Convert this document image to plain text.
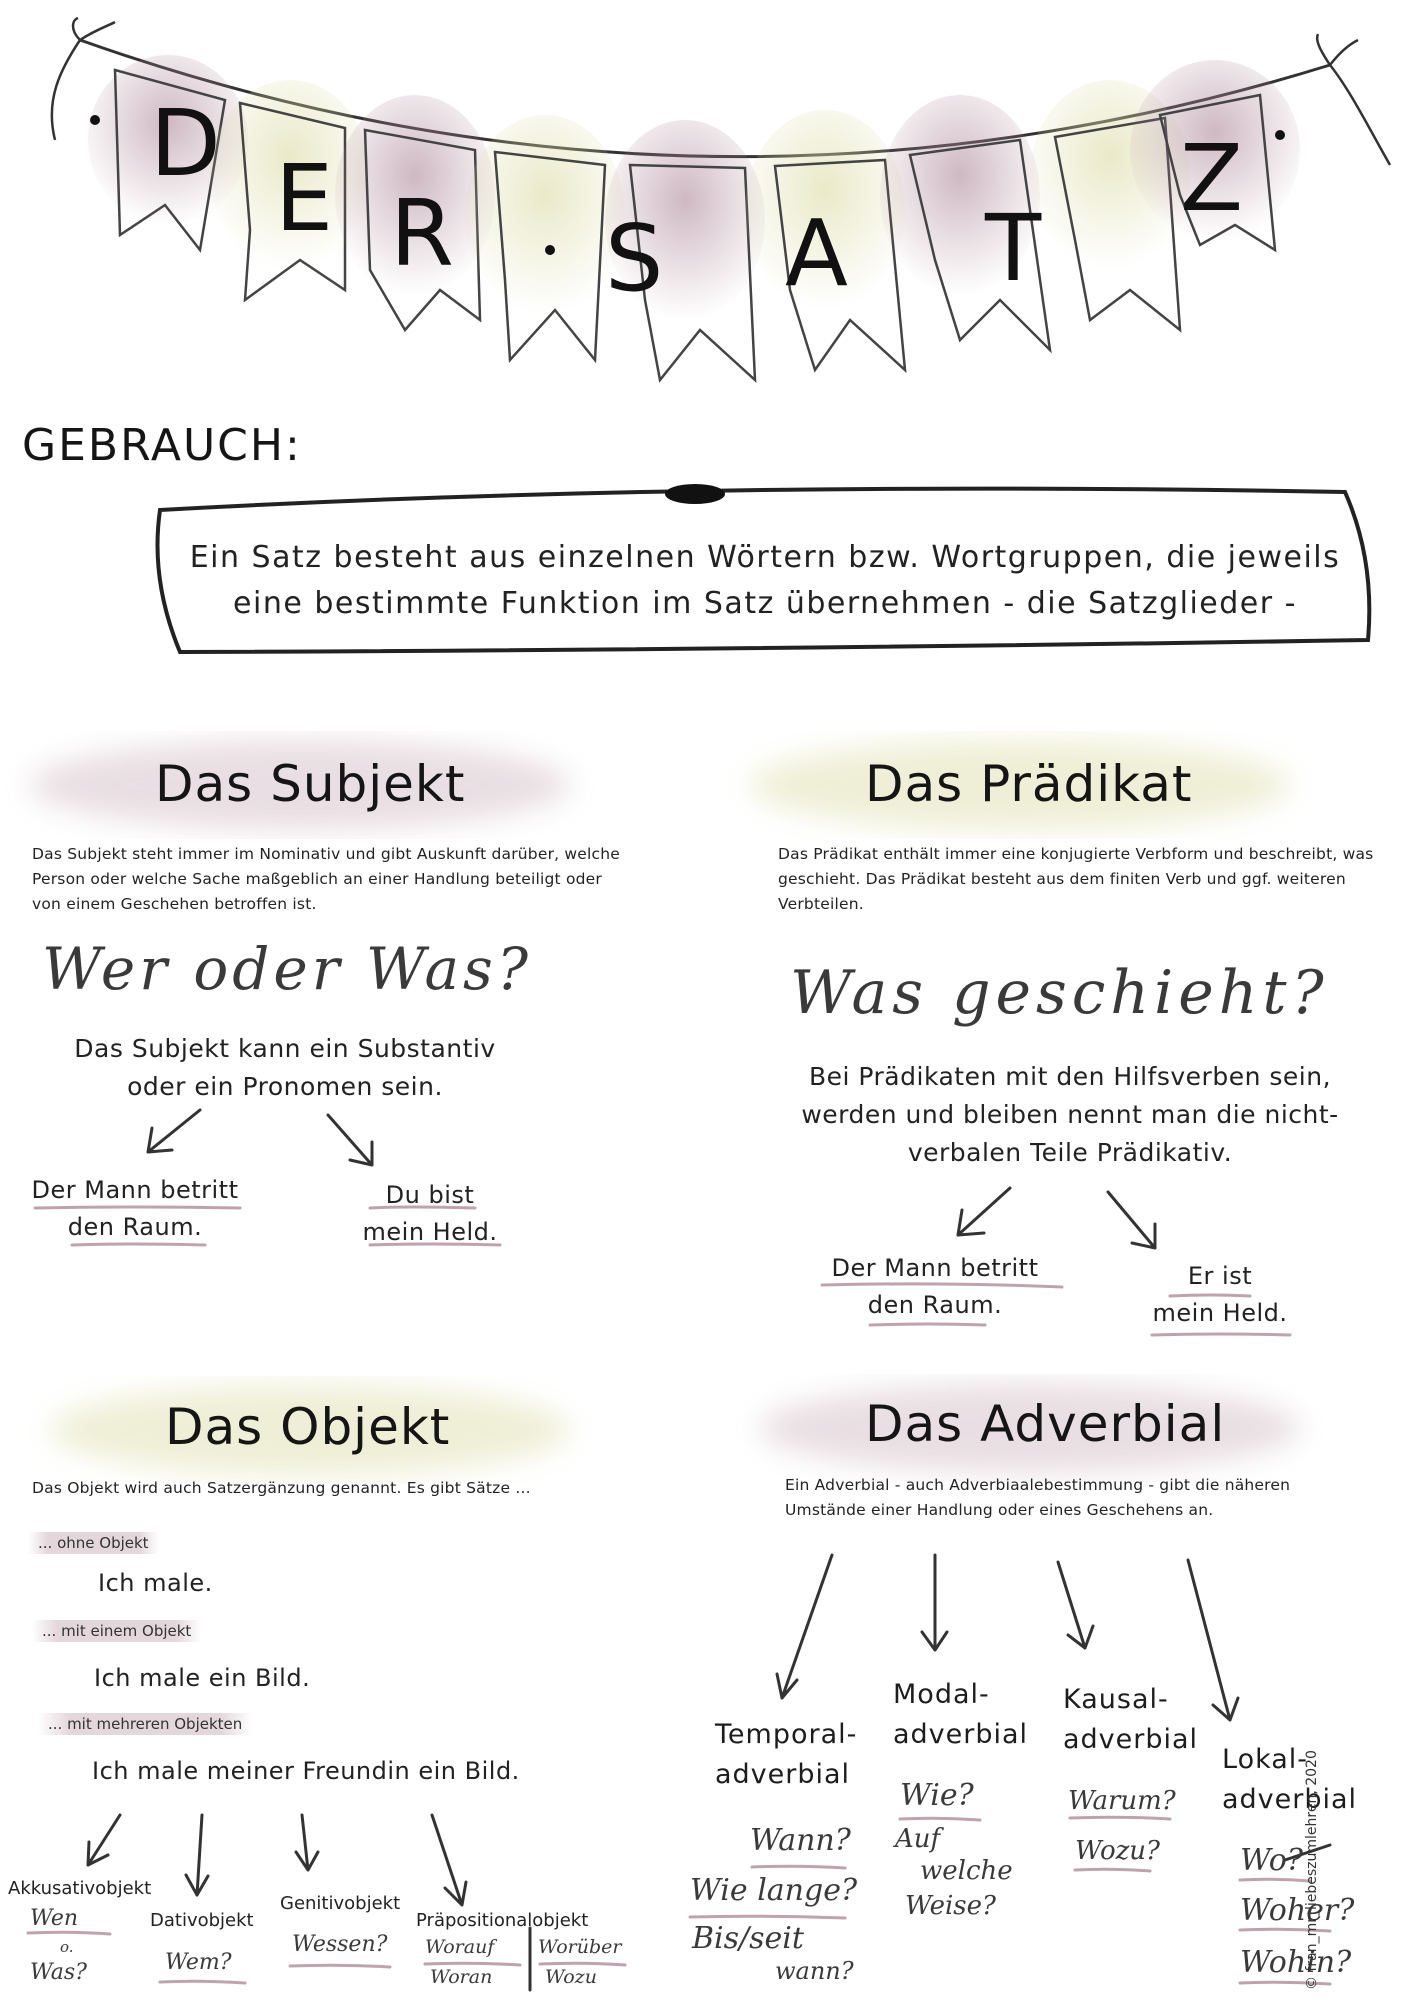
D
E R S A T
Z
GEBRAUCH:
Ein Satz besteht aus einzelnen Wörtern bzw. Wortgruppen, die jeweils
eine bestimmte Funktion im Satz übernehmen - die Satzglieder -
Das Subjekt
Das Subjekt steht immer im Nominativ und gibt Auskunft darüber, welche Person oder welche Sache maßgeblich an einer Handlung beteiligt oder von einem Geschehen betroffen ist.
Wer oder Was?
Das Subjekt kann ein Substantiv oder ein Pronomen sein.
Der Mann betritt
den Raum.
Du bist
mein Held.
Das Prädikat
Das Prädikat enthält immer eine konjugierte Verbform und beschreibt, was geschieht. Das Prädikat besteht aus dem finiten Verb und ggf. weiteren Verbteilen.
Was geschieht?
Bei Prädikaten mit den Hilfsverben sein, werden und bleiben nennt man die nicht-verbalen Teile Prädikativ.
Der Mann betritt
den Raum.
Er ist
mein Held.
Das Objekt
Das Objekt wird auch Satzergänzung genannt. Es gibt Sätze ...
... ohne Objekt
Ich male.
... mit einem Objekt
Ich male ein Bild.
... mit mehreren Objekten
Ich male meiner Freundin ein Bild.
Akkusativobjekt
Wen
o.
Was?
Dativobjekt
Wem?
Genitivobjekt
Wessen?
Präpositionalobjekt
Worauf
Woran
Worüber
Wozu
Das Adverbial
Ein Adverbial - auch Adverbiaalebestimmung - gibt die näheren Umstände einer Handlung oder eines Geschehens an.
Temporal-
adverbial
Wann?
Wie lange?
Bis/seit
wann?
Modal-
adverbial
Wie?
Auf
welche
Weise?
Kausal-
adverbial
Warum?
Wozu?
Lokal-
adverbial
Wo?
Woher?
Wohin?
© fran_mr_liebeszumlehren, 2020
